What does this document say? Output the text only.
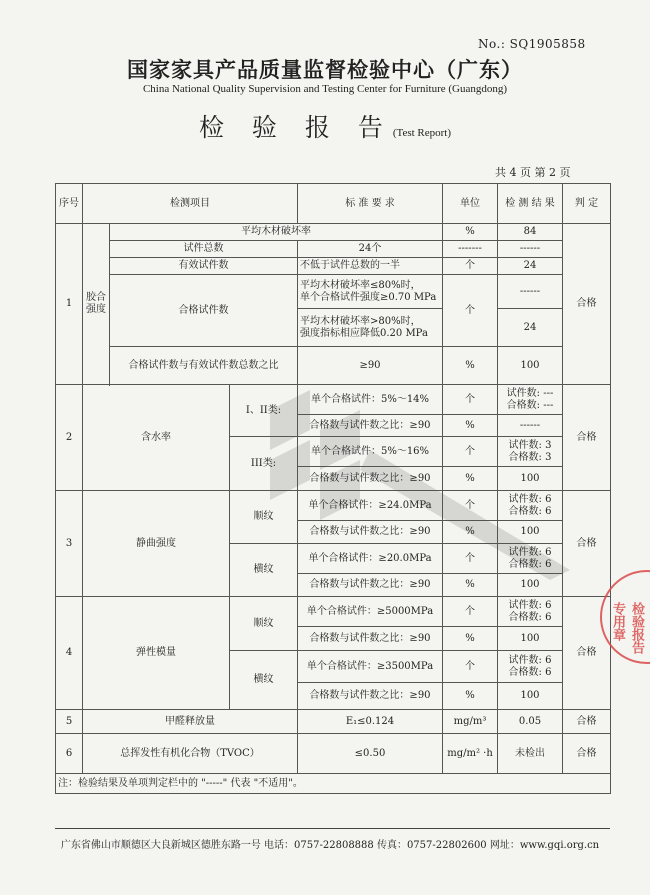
No.: SQ1905858
国家家具产品质量监督检验中心（广东）
China National Quality Supervision and Testing Center for Furniture (Guangdong)
检 验 报 告(Test Report)
共 4 页 第 2 页
序号	检测项目			标 准 要 求	单位	检 测 结 果	判 定
1	胶合强度	平均木材破坏率			%	84	合格
		试件总数		24个	-------	------	
		有效试件数		不低于试件总数的一半	个	24	
		合格试件数		平均木材破坏率≤80%时，
单个合格试件强度≥0.70 MPa	个	------	

				平均木材破坏率>80%时，
强度指标相应降低0.20 MPa		24	
		合格试件数与有效试件数总数之比		≥90	%	100	

2	含水率		I、II类:	单个合格试件：5%～14%	个	试件数: ---
合格数: ---	合格
				合格数与试件数之比：≥90	%	------	
			III类:	单个合格试件：5%～16%	个	试件数: 3
合格数: 3	

				合格数与试件数之比：≥90	%	100	
3	静曲强度		顺纹	单个合格试件：≥24.0MPa	个	试件数: 6
合格数: 6	合格
				合格数与试件数之比：≥90	%	100	
			横纹	单个合格试件：≥20.0MPa	个	试件数: 6
合格数: 6	

				合格数与试件数之比：≥90	%	100	
4	弹性模量		顺纹	单个合格试件：≥5000MPa	个	试件数: 6
合格数: 6	合格
				合格数与试件数之比：≥90	%	100	
			横纹	单个合格试件：≥3500MPa	个	试件数: 6
合格数: 6	

				合格数与试件数之比：≥90	%	100	
5	甲醛释放量			E₁≤0.124	mg/m³	0.05	合格
6	总挥发性有机化合物（TVOC）			≤0.50	mg/m² ·h	未检出	合格
注：检验结果及单项判定栏中的 "-----" 代表 "不适用"。							
检验报告专用章
广东省佛山市顺德区大良新城区德胜东路一号 电话：0757-22808888 传真：0757-22802600 网址：www.gqi.org.cn
